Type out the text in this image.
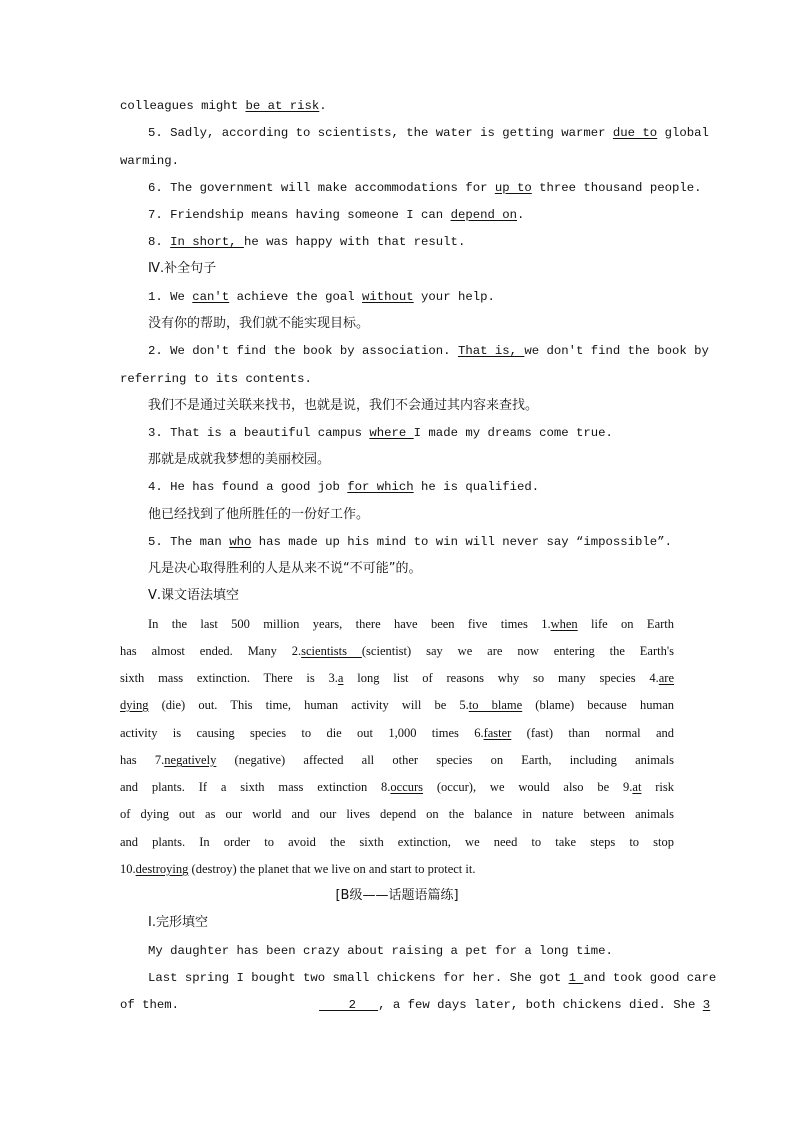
colleagues might be at risk.
5. Sadly, according to scientists, the water is getting warmer due to global
warming.
6. The government will make accommodations for up to three thousand people.
7. Friendship means having someone I can depend on.
8. In short, he was happy with that result.
Ⅳ.补全句子
1. We can't achieve the goal without your help.
没有你的帮助，我们就不能实现目标。
2. We don't find the book by association. That is, we don't find the book by
referring to its contents.
我们不是通过关联来找书，也就是说，我们不会通过其内容来查找。
3. That is a beautiful campus where I made my dreams come true.
那就是成就我梦想的美丽校园。
4. He has found a good job for which he is qualified.
他已经找到了他所胜任的一份好工作。
5. The man who has made up his mind to win will never say “impossible”.
凡是决心取得胜利的人是从来不说“不可能”的。
Ⅴ.课文语法填空
In the last 500 million years, there have been five times 1.when life on Earth
has almost ended. Many 2.scientists (scientist) say we are now entering the Earth's
sixth mass extinction. There is 3.a long list of reasons why so many species 4.are
dying (die) out. This time, human activity will be 5.to blame (blame) because human
activity is causing species to die out 1,000 times 6.faster (fast) than normal and
has 7.negatively (negative) affected all other species on Earth, including animals
and plants. If a sixth mass extinction 8.occurs (occur), we would also be 9.at risk
of dying out as our world and our lives depend on the balance in nature between animals
and plants. In order to avoid the sixth extinction, we need to take steps to stop
10.destroying (destroy) the planet that we live on and start to protect it.
[B级——话题语篇练]
Ⅰ.完形填空
My daughter has been crazy about raising a pet for a long time.
Last spring I bought two small chickens for her. She got 1 and took good care
of them.	2   , a few days later, both chickens died. She 3
